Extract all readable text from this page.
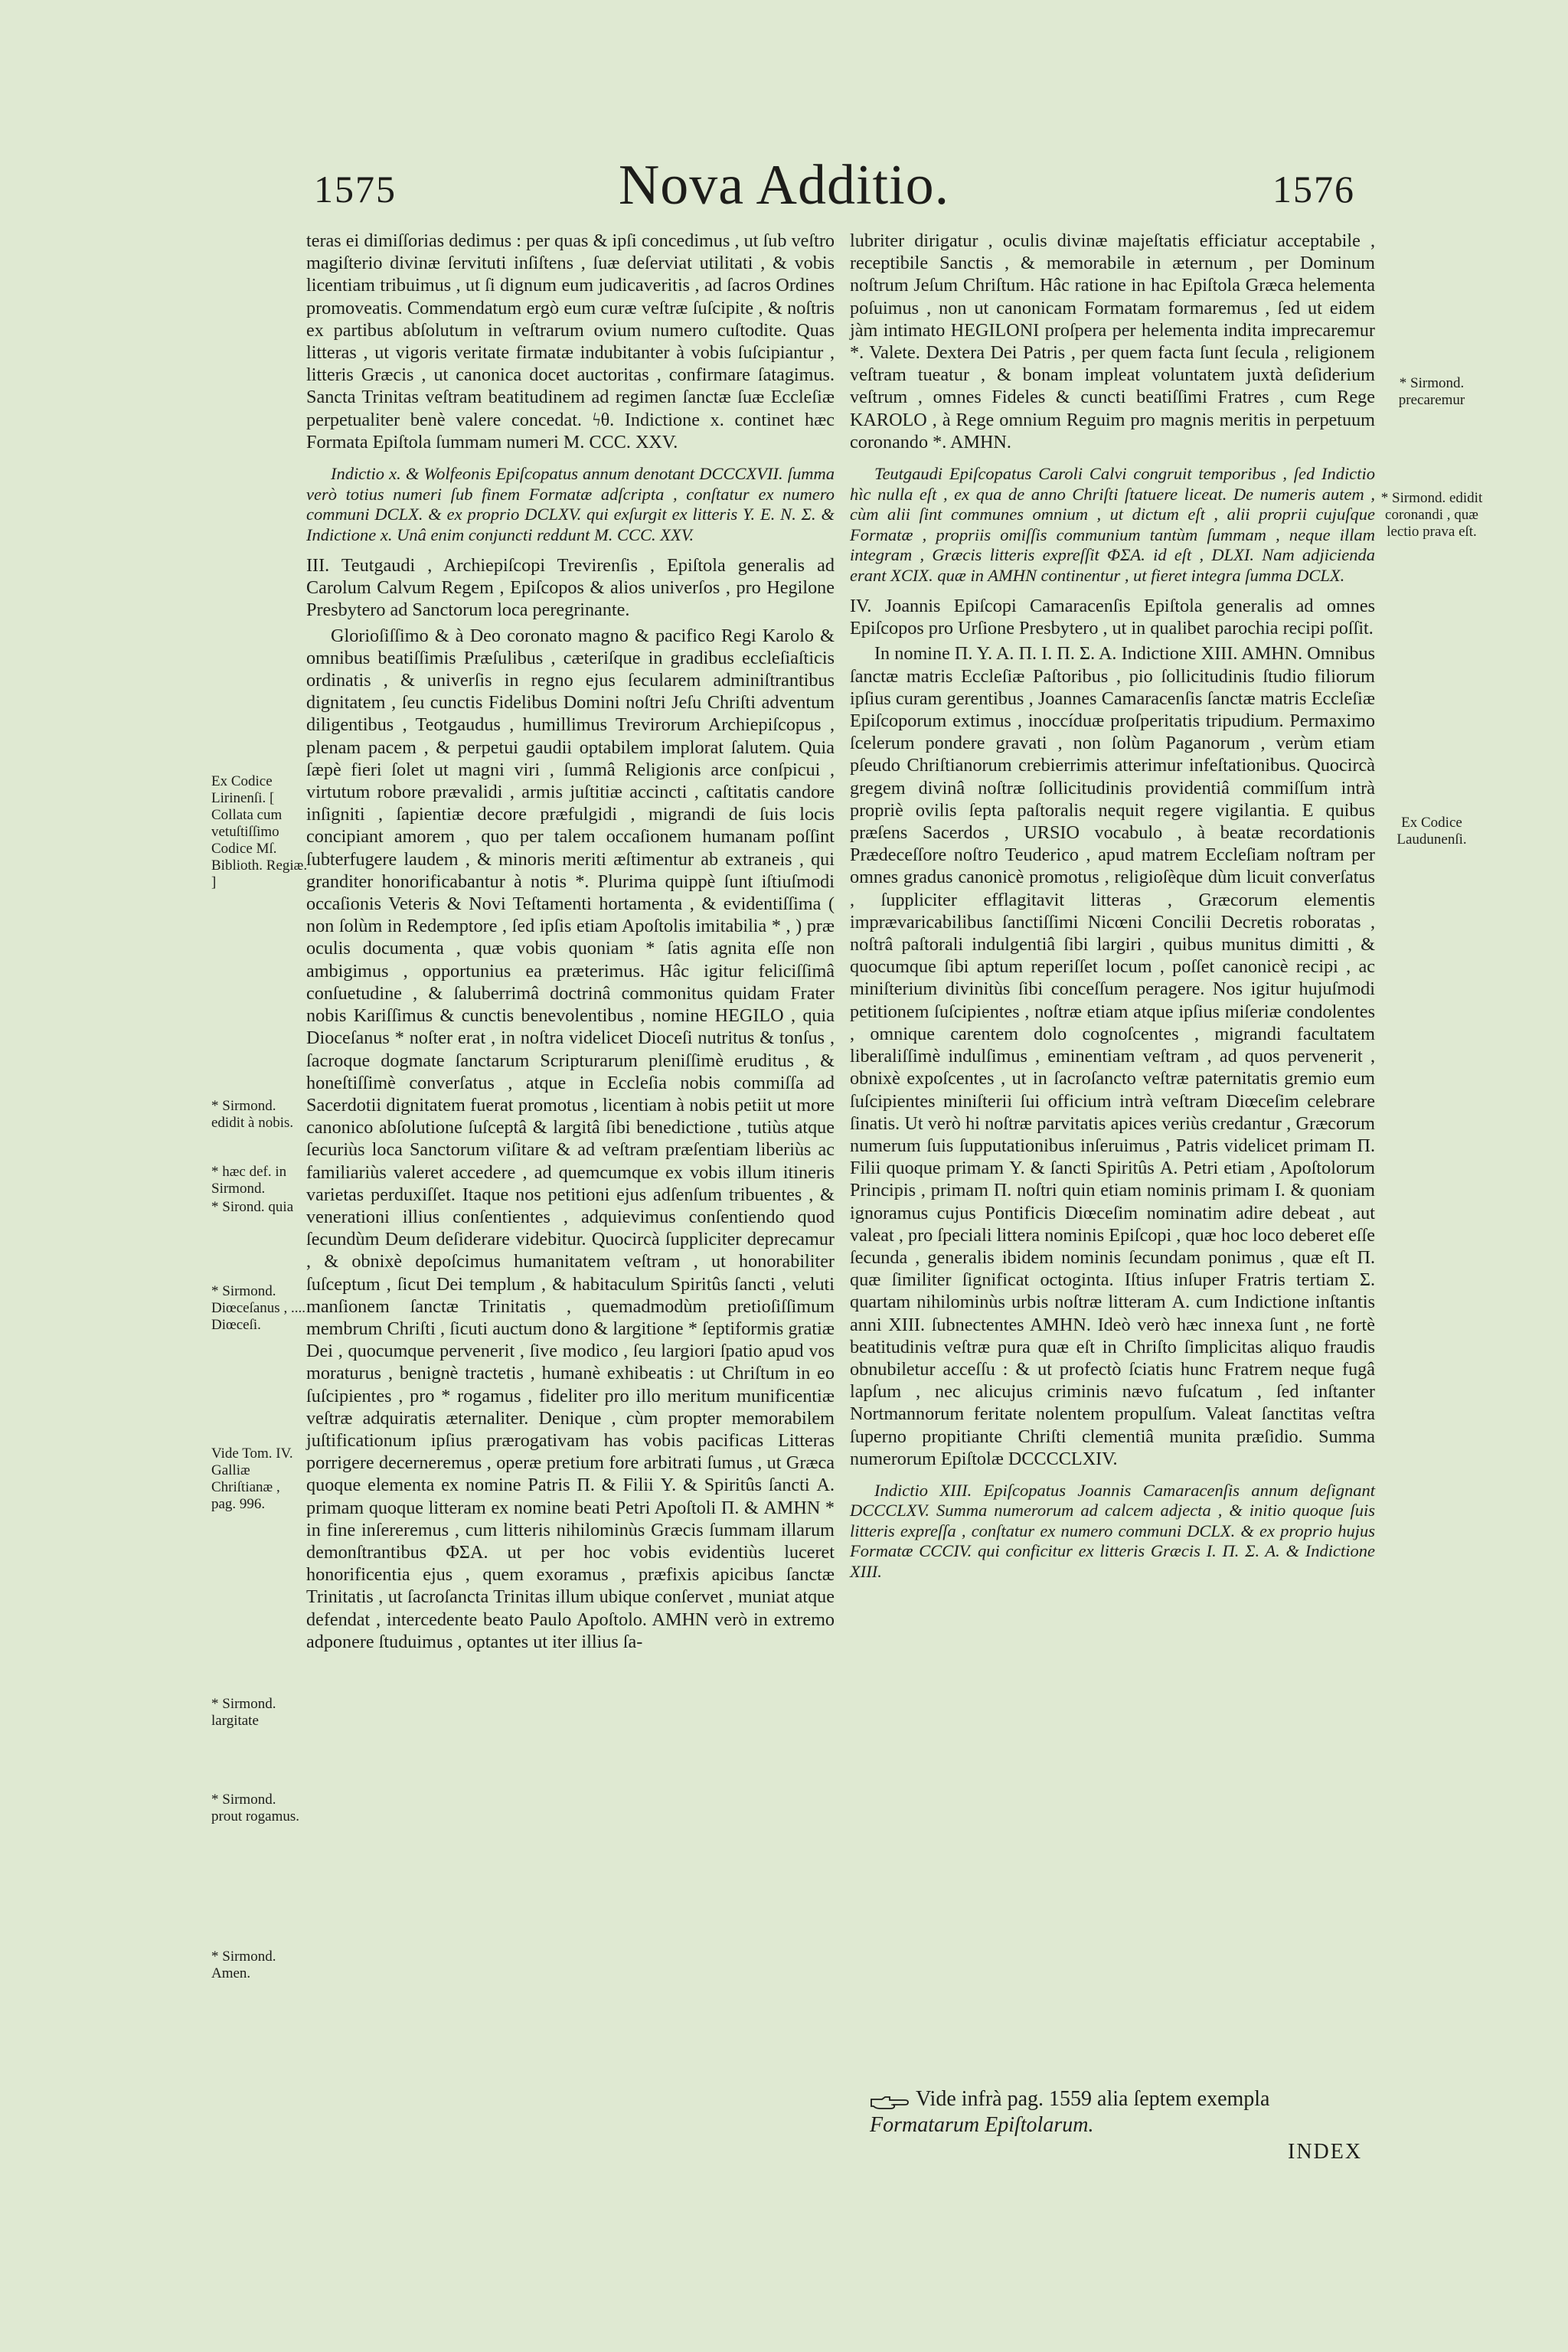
1575	Nova Additio.	1576

teras ei dimiſſorias dedimus : per quas & ipſi concedimus , ut ſub veſtro magiſterio divinæ ſervituti inſiſtens , ſuæ deſerviat utilitati , & vobis licentiam tribuimus , ut ſi dignum eum judicaveritis , ad ſacros Ordines promoveatis. Commendatum ergò eum curæ veſtræ ſuſcipite , & noſtris ex partibus abſolutum in veſtrarum ovium numero cuſtodite. Quas litteras , ut vigoris veritate firmatæ indubitanter à vobis ſuſcipiantur , litteris Græcis , ut canonica docet auctoritas , confirmare ſatagimus. Sancta Trinitas veſtram beatitudinem ad regimen ſanctæ ſuæ Eccleſiæ perpetualiter benè valere concedat. ϟθ. Indictione x. continet hæc Formata Epiſtola ſummam numeri M. CCC. XXV.

Indictio x. & Wolfeonis Epiſcopatus annum denotant DCCCXVII. ſumma verò totius numeri ſub finem Formatæ adſcripta , conſtatur ex numero communi DCLX. & ex proprio DCLXV. qui exſurgit ex litteris Υ. Ε. Ν. Σ. & Indictione x. Unâ enim conjuncti reddunt M. CCC. XXV.

III. Teutgaudi , Archiepiſcopi Trevirenſis , Epiſtola generalis ad Carolum Calvum Regem , Epiſcopos & alios univerſos , pro Hegilone Presbytero ad Sanctorum loca peregrinante.

Glorioſiſſimo & à Deo coronato magno & pacifico Regi Karolo & omnibus beatiſſimis Præſulibus , cæteriſque in gradibus eccleſiaſticis ordinatis , & univerſis in regno ejus ſecularem adminiſtrantibus dignitatem , ſeu cunctis Fidelibus Domini noſtri Jeſu Chriſti adventum diligentibus , Teotgaudus , humillimus Trevirorum Archiepiſcopus , plenam pacem , & perpetui gaudii optabilem implorat ſalutem. Quia ſæpè fieri ſolet ut magni viri , ſummâ Religionis arce conſpicui , virtutum robore prævalidi , armis juſtitiæ accincti , caſtitatis candore inſigniti , ſapientiæ decore præfulgidi , migrandi de ſuis locis concipiant amorem , quo per talem occaſionem humanam poſſint ſubterfugere laudem , & minoris meriti æſtimentur ab extraneis , qui granditer honorificabantur à notis *. Plurima quippè ſunt iſtiuſmodi occaſionis Veteris & Novi Teſtamenti hortamenta , & evidentiſſima ( non ſolùm in Redemptore , ſed ipſis etiam Apoſtolis imitabilia * , ) præ oculis documenta , quæ vobis quoniam * ſatis agnita eſſe non ambigimus , opportunius ea præterimus. Hâc igitur feliciſſimâ conſuetudine , & ſaluberrimâ doctrinâ commonitus quidam Frater nobis Kariſſimus & cunctis benevolentibus , nomine HEGILO , quia Dioceſanus * noſter erat , in noſtra videlicet Dioceſi nutritus & tonſus , ſacroque dogmate ſanctarum Scripturarum pleniſſimè eruditus , & honeſtiſſimè converſatus , atque in Eccleſia nobis commiſſa ad Sacerdotii dignitatem fuerat promotus , licentiam à nobis petiit ut more canonico abſolutione ſuſceptâ & largitâ ſibi benedictione , tutiùs atque ſecuriùs loca Sanctorum viſitare & ad veſtram præſentiam liberiùs ac familiariùs valeret accedere , ad quemcumque ex vobis illum itineris varietas perduxiſſet. Itaque nos petitioni ejus adſenſum tribuentes , & venerationi illius conſentientes , adquievimus conſentiendo quod ſecundùm Deum deſiderare videbitur. Quocircà ſuppliciter deprecamur , & obnixè depoſcimus humanitatem veſtram , ut honorabiliter ſuſceptum , ſicut Dei templum , & habitaculum Spiritûs ſancti , veluti manſionem ſanctæ Trinitatis , quemadmodùm pretioſiſſimum membrum Chriſti , ſicuti auctum dono & largitione * ſeptiformis gratiæ Dei , quocumque pervenerit , ſive modico , ſeu largiori ſpatio apud vos moraturus , benignè tractetis , humanè exhibeatis : ut Chriſtum in eo ſuſcipientes , pro * rogamus , fideliter pro illo meritum munificentiæ veſtræ adquiratis æternaliter. Denique , cùm propter memorabilem juſtificationum ipſius prærogativam has vobis pacificas Litteras porrigere decerneremus , operæ pretium fore arbitrati ſumus , ut Græca quoque elementa ex nomine Patris Π. & Filii Υ. & Spiritûs ſancti Α. primam quoque litteram ex nomine beati Petri Apoſtoli Π. & AMHN * in fine inſereremus , cum litteris nihilominùs Græcis ſummam illarum demonſtrantibus ΦΣΑ. ut per hoc vobis evidentiùs luceret honorificentia ejus , quem exoramus , præfixis apicibus ſanctæ Trinitatis , ut ſacroſancta Trinitas illum ubique conſervet , muniat atque defendat , intercedente beato Paulo Apoſtolo. AMHN verò in extremo adponere ſtuduimus , optantes ut iter illius ſa-

lubriter dirigatur , oculis divinæ majeſtatis efficiatur acceptabile , receptibile Sanctis , & memorabile in æternum , per Dominum noſtrum Jeſum Chriſtum. Hâc ratione in hac Epiſtola Græca helementa poſuimus , non ut canonicam Formatam formaremus , ſed ut eidem jàm intimato HEGILONI proſpera per helementa indita imprecaremur *. Valete. Dextera Dei Patris , per quem facta ſunt ſecula , religionem veſtram tueatur , & bonam impleat voluntatem juxtà deſiderium veſtrum , omnes Fideles & cuncti beatiſſimi Fratres , cum Rege KAROLO , à Rege omnium Reguim pro magnis meritis in perpetuum coronando *. AMHN.

Teutgaudi Epiſcopatus Caroli Calvi congruit temporibus , ſed Indictio hìc nulla eſt , ex qua de anno Chriſti ſtatuere liceat. De numeris autem , cùm alii ſint communes omnium , ut dictum eſt , alii proprii cujuſque Formatæ , propriis omiſſis communium tantùm ſummam , neque illam integram , Græcis litteris expreſſit ΦΣΑ. id eſt , DLXI. Nam adjicienda erant XCIX. quæ in AMHN continentur , ut fieret integra ſumma DCLX.

IV. Joannis Epiſcopi Camaracenſis Epiſtola generalis ad omnes Epiſcopos pro Urſione Presbytero , ut in qualibet parochia recipi poſſit.

In nomine Π. Υ. Α. Π. Ι. Π. Σ. Α. Indictione XIII. AMHN. Omnibus ſanctæ matris Eccleſiæ Paſtoribus , pio ſollicitudinis ſtudio filiorum ipſius curam gerentibus , Joannes Camaracenſis ſanctæ matris Eccleſiæ Epiſcoporum extimus , inoccíduæ proſperitatis tripudium. Permaximo ſcelerum pondere gravati , non ſolùm Paganorum , verùm etiam pſeudo Chriſtianorum crebierrimis atterimur infeſtationibus. Quocircà gregem divinâ noſtræ ſollicitudinis providentiâ commiſſum intrà propriè ovilis ſepta paſtoralis nequit regere vigilantia. E quibus præſens Sacerdos , URSIO vocabulo , à beatæ recordationis Prædeceſſore noſtro Teuderico , apud matrem Eccleſiam noſtram per omnes gradus canonicè promotus , religioſèque dùm licuit converſatus , ſuppliciter efflagitavit litteras , Græcorum elementis imprævaricabilibus ſanctiſſimi Nicœni Concilii Decretis roboratas , noſtrâ paſtorali indulgentiâ ſibi largiri , quibus munitus dimitti , & quocumque ſibi aptum reperiſſet locum , poſſet canonicè recipi , ac miniſterium divinitùs ſibi conceſſum peragere. Nos igitur hujuſmodi petitionem ſuſcipientes , noſtræ etiam atque ipſius miſeriæ condolentes , omnique carentem dolo cognoſcentes , migrandi facultatem liberaliſſimè indulſimus , eminentiam veſtram , ad quos pervenerit , obnixè expoſcentes , ut in ſacroſancto veſtræ paternitatis gremio eum ſuſcipientes miniſterii ſui officium intrà veſtram Diœceſim celebrare ſinatis. Ut verò hi noſtræ parvitatis apices veriùs credantur , Græcorum numerum ſuis ſupputationibus inſeruimus , Patris videlicet primam Π. Filii quoque primam Υ. & ſancti Spiritûs Α. Petri etiam , Apoſtolorum Principis , primam Π. noſtri quin etiam nominis primam Ι. & quoniam ignoramus cujus Pontificis Diœceſim nominatim adire debeat , aut valeat , pro ſpeciali littera nominis Epiſcopi , quæ hoc loco deberet eſſe ſecunda , generalis ibidem nominis ſecundam ponimus , quæ eſt Π. quæ ſimiliter ſignificat octoginta. Iſtius inſuper Fratris tertiam Σ. quartam nihilominùs urbis noſtræ litteram Α. cum Indictione inſtantis anni XIII. ſubnectentes AMHN. Ideò verò hæc innexa ſunt , ne fortè beatitudinis veſtræ pura quæ eſt in Chriſto ſimplicitas aliquo fraudis obnubiletur acceſſu : & ut profectò ſciatis hunc Fratrem neque fugâ lapſum , nec alicujus criminis nævo fuſcatum , ſed inſtanter Nortmannorum feritate nolentem propulſum. Valeat ſanctitas veſtra ſuperno propitiante Chriſti clementiâ munita præſidio. Summa numerorum Epiſtolæ DCCCCLXIV.

Indictio XIII. Epiſcopatus Joannis Camaracenſis annum deſignant DCCCLXV. Summa numerorum ad calcem adjecta , & initio quoque ſuis litteris expreſſa , conſtatur ex numero communi DCLX. & ex proprio hujus Formatæ CCCIV. qui conficitur ex litteris Græcis Ι. Π. Σ. Α. & Indictione XIII.

Ex Codice Lirinenſi. [ Collata cum vetuſtiſſimo Codice Mſ. Biblioth. Regiæ. ]
* Sirmond. edidit à nobis.
* hæc def. in Sirmond.
* Sirond. quia
* Sirmond. Diœceſanus , .... Diœceſi.
Vide Tom. IV. Galliæ Chriſtianæ , pag. 996.
* Sirmond. largitate
* Sirmond. prout rogamus.
* Sirmond. Amen.
* Sirmond. precaremur
* Sirmond. edidit coronandi , quæ lectio prava eſt.
Ex Codice Laudunenſi.
Vide infrà pag. 1559 alia ſeptem exempla Formatarum Epiſtolarum.
INDEX
